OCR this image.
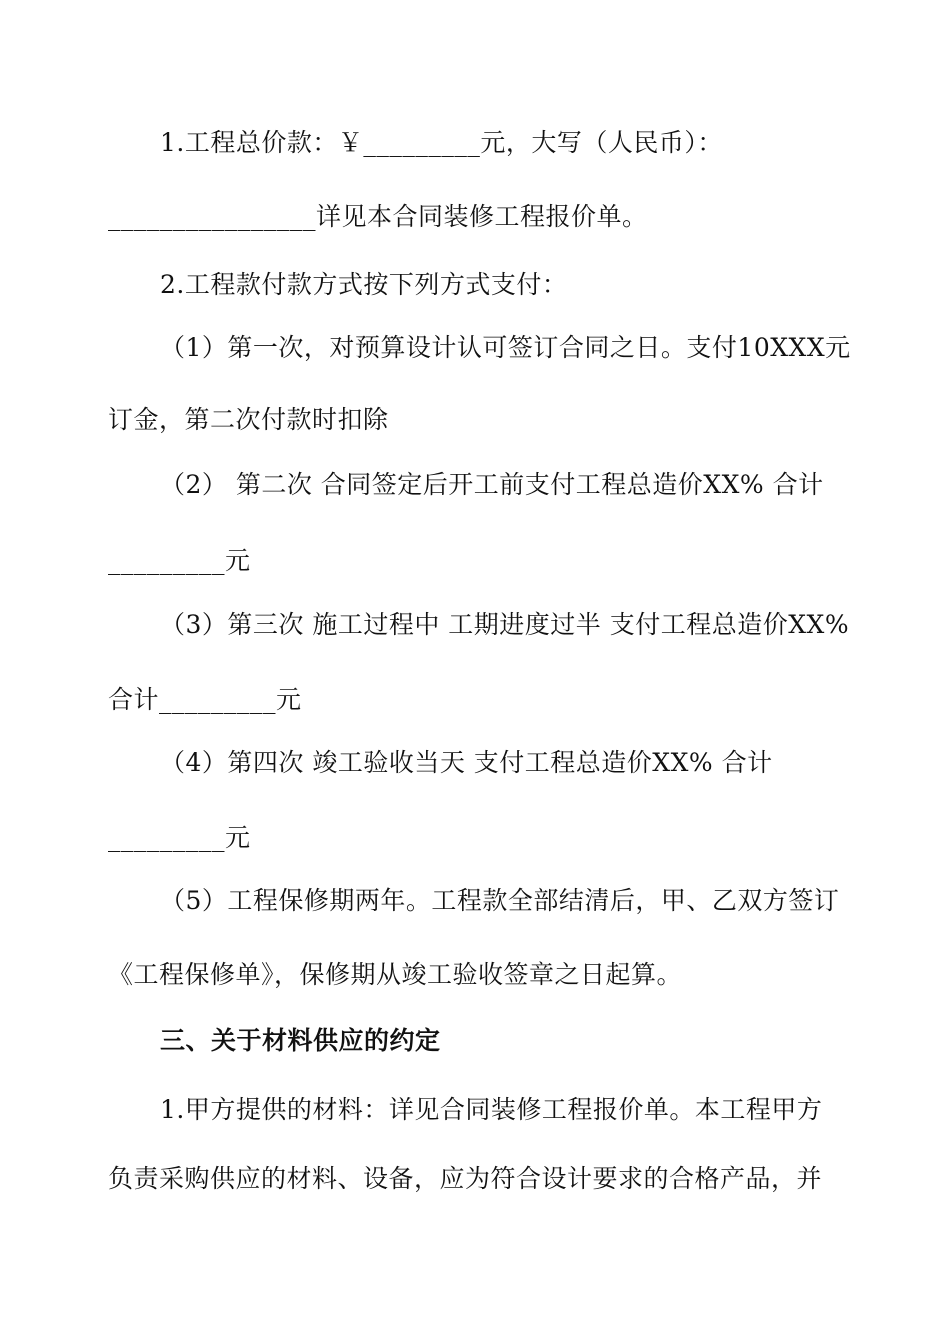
1.工程总价款：￥_________元，大写（人民币）：
________________详见本合同装修工程报价单。
2.工程款付款方式按下列方式支付：
（1）第一次，对预算设计认可签订合同之日。支付10XXX元
订金，第二次付款时扣除
（2） 第二次 合同签定后开工前支付工程总造价XX% 合计
_________元
（3）第三次 施工过程中 工期进度过半 支付工程总造价XX%
合计_________元
（4）第四次 竣工验收当天 支付工程总造价XX% 合计
_________元
（5）工程保修期两年。工程款全部结清后，甲、乙双方签订
《工程保修单》，保修期从竣工验收签章之日起算。
三、关于材料供应的约定
1.甲方提供的材料：详见合同装修工程报价单。本工程甲方
负责采购供应的材料、设备，应为符合设计要求的合格产品，并
